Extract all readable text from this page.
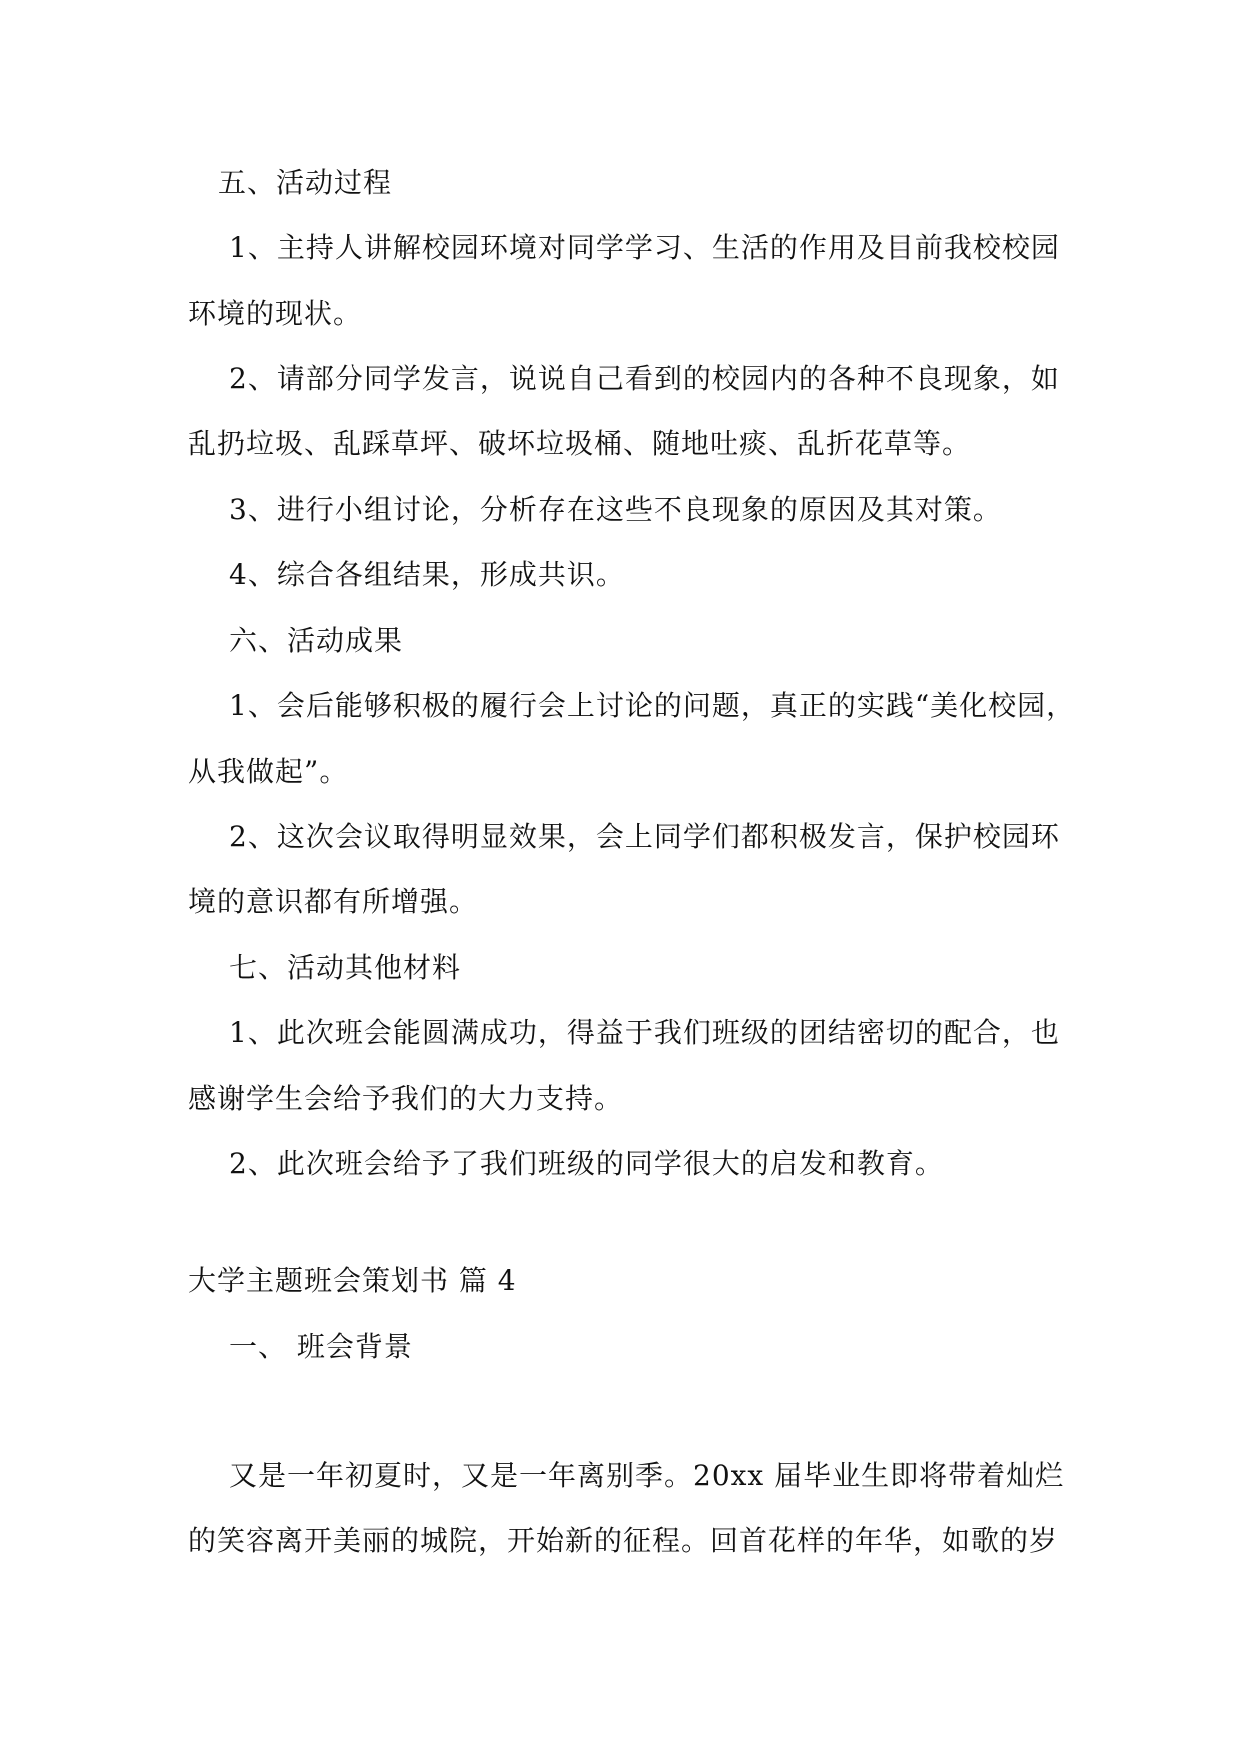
五、活动过程
1、主持人讲解校园环境对同学学习、生活的作用及目前我校校园
环境的现状。
2、请部分同学发言，说说自己看到的校园内的各种不良现象，如
乱扔垃圾、乱踩草坪、破坏垃圾桶、随地吐痰、乱折花草等。
3、进行小组讨论，分析存在这些不良现象的原因及其对策。
4、综合各组结果，形成共识。
六、活动成果
1、会后能够积极的履行会上讨论的问题，真正的实践“美化校园，
从我做起”。
2、这次会议取得明显效果，会上同学们都积极发言，保护校园环
境的意识都有所增强。
七、活动其他材料
1、此次班会能圆满成功，得益于我们班级的团结密切的配合，也
感谢学生会给予我们的大力支持。
2、此次班会给予了我们班级的同学很大的启发和教育。
大学主题班会策划书 篇 4
一、 班会背景
又是一年初夏时，又是一年离别季。20xx 届毕业生即将带着灿烂
的笑容离开美丽的城院，开始新的征程。回首花样的年华，如歌的岁
